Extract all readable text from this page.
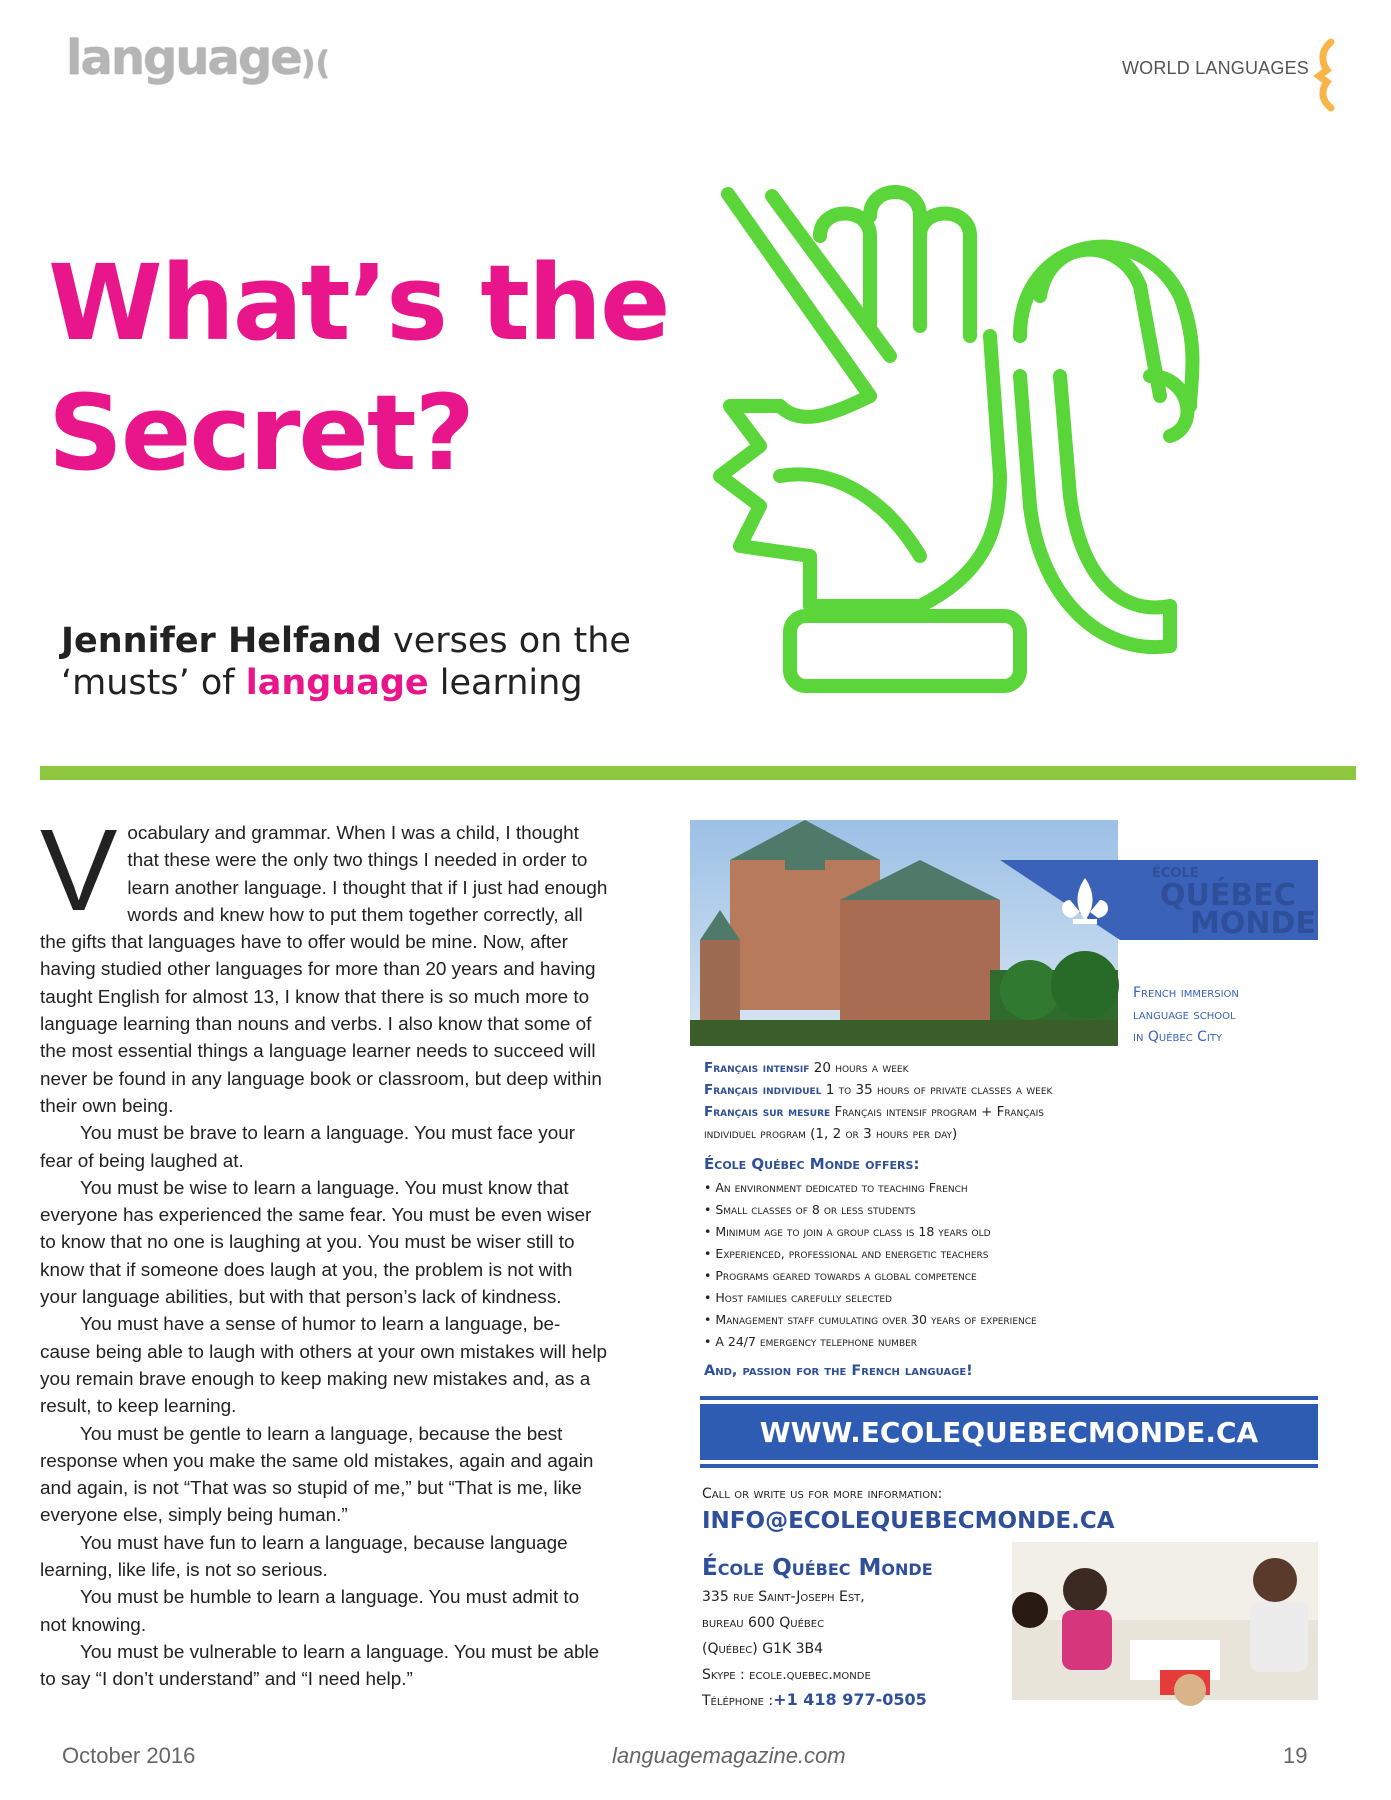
language)(	WORLD LANGUAGES
What’s the
Secret?

Jennifer Helfand verses on the
‘musts’ of language learning

Vocabulary and grammar. When I was a child, I thought that these were the only two things I needed in order to learn another language. I thought that if I just had enough words and knew how to put them together correctly, all the gifts that languages have to offer would be mine. Now, after having studied other languages for more than 20 years and having taught English for almost 13, I know that there is so much more to language learning than nouns and verbs. I also know that some of the most essential things a language learner needs to succeed will never be found in any language book or classroom, but deep within their own being.

You must be brave to learn a language. You must face your fear of being laughed at.

You must be wise to learn a language. You must know that everyone has experienced the same fear. You must be even wiser to know that no one is laughing at you. You must be wiser still to know that if someone does laugh at you, the problem is not with your language abilities, but with that person’s lack of kindness.

You must have a sense of humor to learn a language, be-cause being able to laugh with others at your own mistakes will help you remain brave enough to keep making new mistakes and, as a result, to keep learning.

You must be gentle to learn a language, because the best response when you make the same old mistakes, again and again and again, is not “That was so stupid of me,” but “That is me, like everyone else, simply being human.”

You must have fun to learn a language, because language learning, like life, is not so serious.

You must be humble to learn a language. You must admit to not knowing.

You must be vulnerable to learn a language. You must be able to say “I don’t understand” and “I need help.”

ÉCOLE
QUÉBEC
MONDE
French immersion
language school
in Québec City
Français intensif 20 hours a week
Français individuel 1 to 35 hours of private classes a week
Français sur mesure Français intensif program + Français
individuel program (1, 2 or 3 hours per day)
École Québec Monde offers:
• An environment dedicated to teaching French
• Small classes of 8 or less students
• Minimum age to join a group class is 18 years old
• Experienced, professional and energetic teachers
• Programs geared towards a global competence
• Host families carefully selected
• Management staff cumulating over 30 years of experience
• A 24/7 emergency telephone number
And, passion for the French language!
WWW.ECOLEQUEBECMONDE.CA
Call or write us for more information:
INFO@ECOLEQUEBECMONDE.CA
École Québec Monde
335 rue Saint-Joseph Est,
bureau 600 Québec
(Québec) G1K 3B4
Skype : ecole.quebec.monde
Téléphone :+1 418 977-0505
October 2016	languagemagazine.com	19
